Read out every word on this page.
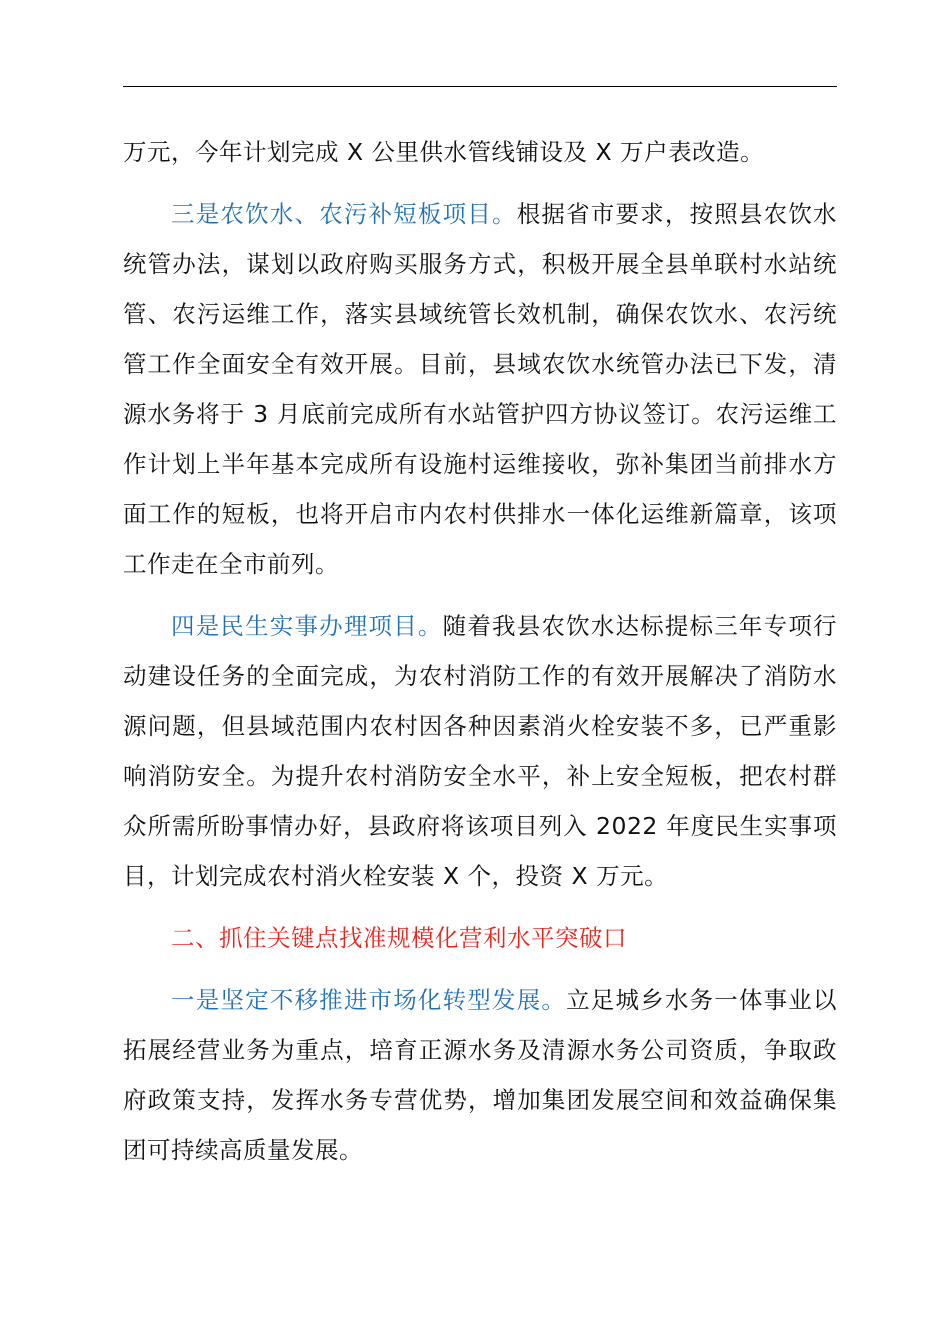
万元，今年计划完成 X 公里供水管线铺设及 X 万户表改造。

三是农饮水、农污补短板项目。根据省市要求，按照县农饮水统管办法，谋划以政府购买服务方式，积极开展全县单联村水站统管、农污运维工作，落实县域统管长效机制，确保农饮水、农污统管工作全面安全有效开展。目前，县域农饮水统管办法已下发，清源水务将于 3 月底前完成所有水站管护四方协议签订。农污运维工作计划上半年基本完成所有设施村运维接收，弥补集团当前排水方面工作的短板，也将开启市内农村供排水一体化运维新篇章，该项工作走在全市前列。

四是民生实事办理项目。随着我县农饮水达标提标三年专项行动建设任务的全面完成，为农村消防工作的有效开展解决了消防水源问题，但县域范围内农村因各种因素消火栓安装不多，已严重影响消防安全。为提升农村消防安全水平，补上安全短板，把农村群众所需所盼事情办好，县政府将该项目列入 2022 年度民生实事项目，计划完成农村消火栓安装 X 个，投资 X 万元。

二、抓住关键点找准规模化营利水平突破口

一是坚定不移推进市场化转型发展。立足城乡水务一体事业以拓展经营业务为重点，培育正源水务及清源水务公司资质，争取政府政策支持，发挥水务专营优势，增加集团发展空间和效益确保集团可持续高质量发展。
